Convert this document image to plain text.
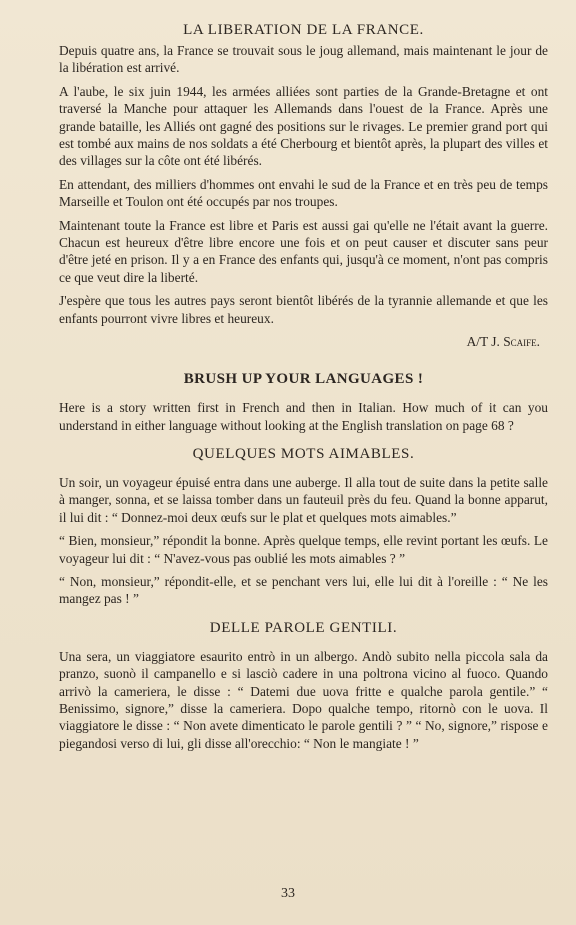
LA LIBERATION DE LA FRANCE.

Depuis quatre ans, la France se trouvait sous le joug allemand, mais maintenant le jour de la libération est arrivé.

A l'aube, le six juin 1944, les armées alliées sont parties de la Grande-Bretagne et ont traversé la Manche pour attaquer les Allemands dans l'ouest de la France. Après une grande bataille, les Alliés ont gagné des positions sur le rivages. Le premier grand port qui est tombé aux mains de nos soldats a été Cherbourg et bientôt après, la plupart des villes et des villages sur la côte ont été libérés.

En attendant, des milliers d'hommes ont envahi le sud de la France et en très peu de temps Marseille et Toulon ont été occupés par nos troupes.

Maintenant toute la France est libre et Paris est aussi gai qu'elle ne l'était avant la guerre. Chacun est heureux d'être libre encore une fois et on peut causer et discuter sans peur d'être jeté en prison. Il y a en France des enfants qui, jusqu'à ce moment, n'ont pas compris ce que veut dire la liberté.

J'espère que tous les autres pays seront bientôt libérés de la tyrannie allemande et que les enfants pourront vivre libres et heureux.

A/T J. Scaife.
BRUSH UP YOUR LANGUAGES !

Here is a story written first in French and then in Italian. How much of it can you understand in either language without looking at the English translation on page 68 ?

QUELQUES MOTS AIMABLES.

Un soir, un voyageur épuisé entra dans une auberge. Il alla tout de suite dans la petite salle à manger, sonna, et se laissa tomber dans un fauteuil près du feu. Quand la bonne apparut, il lui dit : “ Donnez-moi deux œufs sur le plat et quelques mots aimables.”

“ Bien, monsieur,” répondit la bonne. Après quelque temps, elle revint portant les œufs. Le voyageur lui dit : “ N'avez-vous pas oublié les mots aimables ? ”

“ Non, monsieur,” répondit-elle, et se penchant vers lui, elle lui dit à l'oreille : “ Ne les mangez pas ! ”

DELLE PAROLE GENTILI.

Una sera, un viaggiatore esaurito entrò in un albergo. Andò subito nella piccola sala da pranzo, suonò il campanello e si lasciò cadere in una poltrona vicino al fuoco. Quando arrivò la cameriera, le disse : “ Datemi due uova fritte e qualche parola gentile.” “ Benissimo, signore,” disse la cameriera. Dopo qualche tempo, ritornò con le uova. Il viaggiatore le disse : “ Non avete dimenticato le parole gentili ? ” “ No, signore,” rispose e piegandosi verso di lui, gli disse all'orecchio: “ Non le mangiate ! ”

33
